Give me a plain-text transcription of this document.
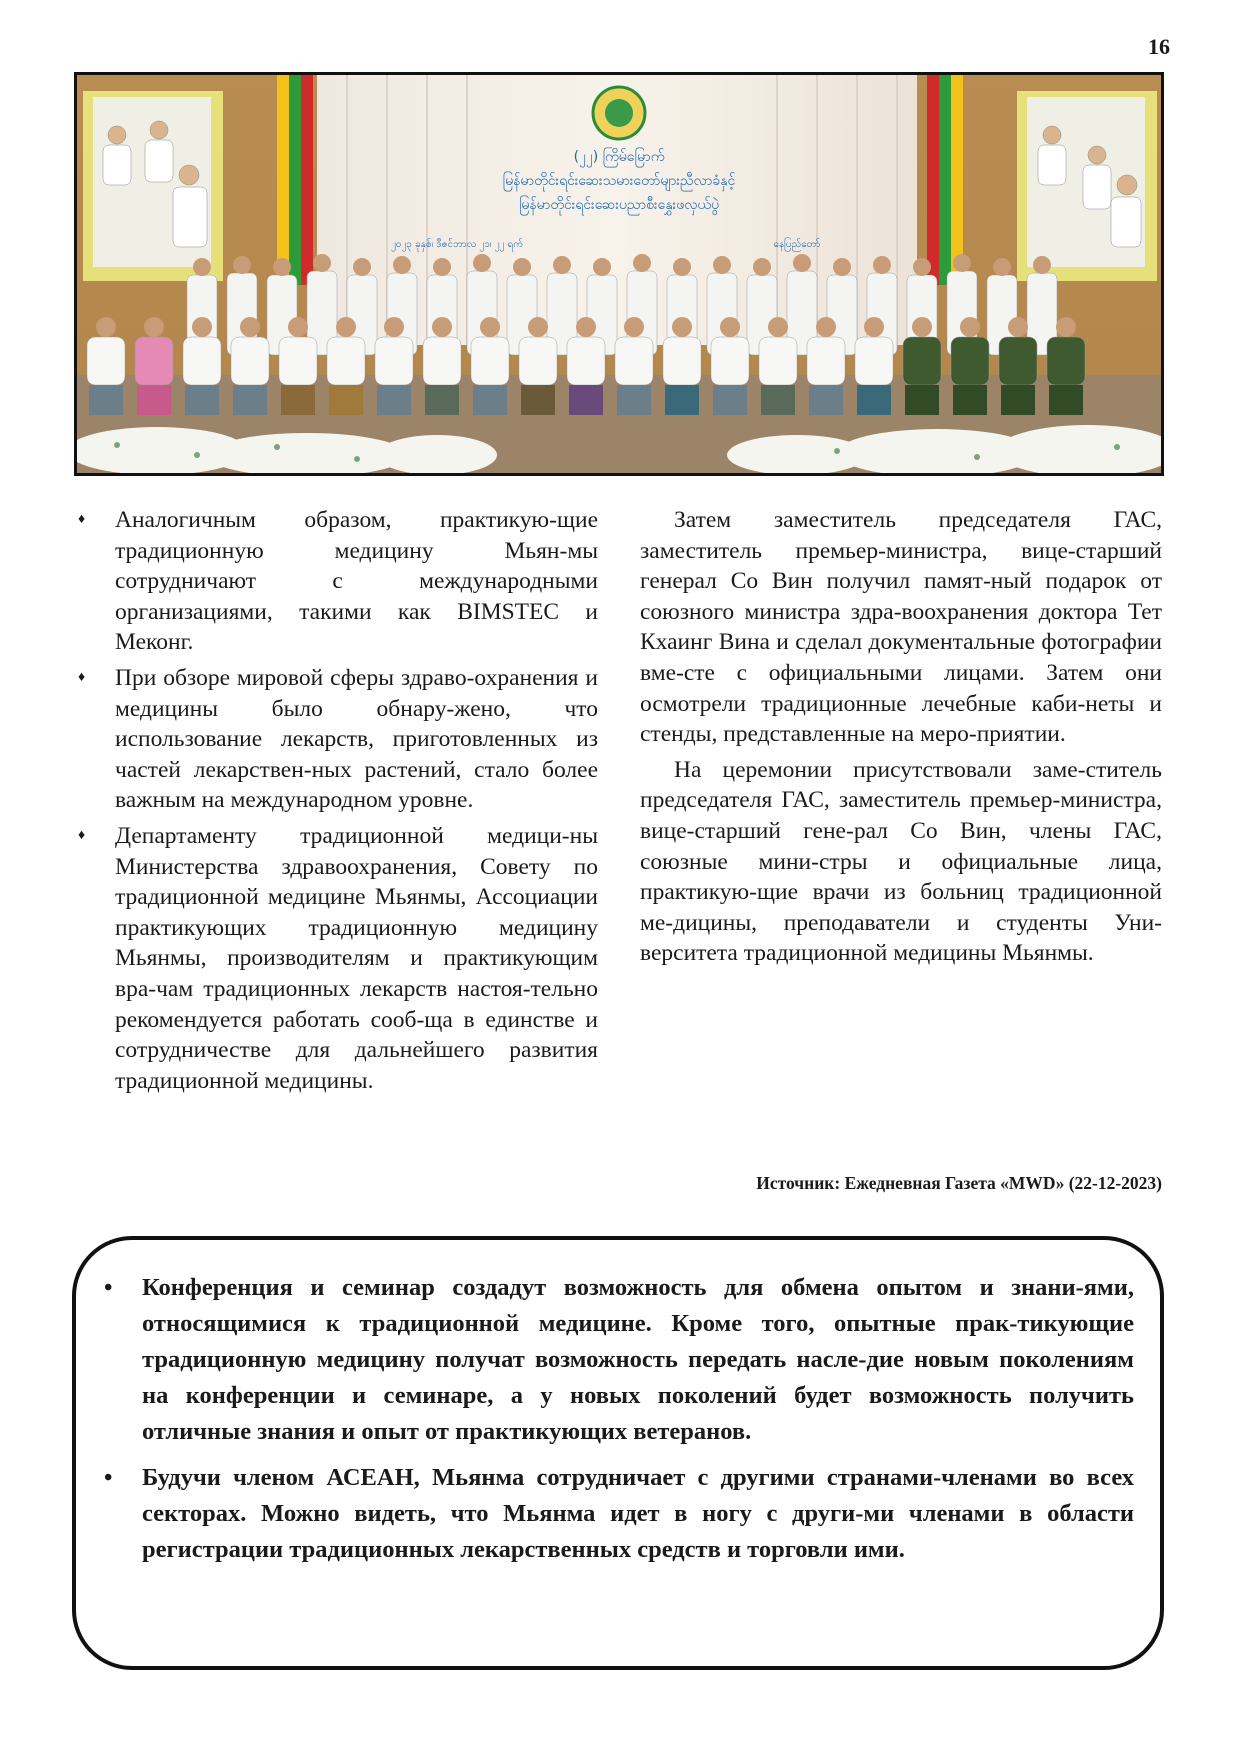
16
(၂၂) ကြိမ်မြောက်
မြန်မာတိုင်းရင်းဆေးသမားတော်များညီလာခံနှင့်
မြန်မာတိုင်းရင်းဆေးပညာစီးနွှေးဖလှယ်ပွဲ
၂၀၂၃ ခုနှစ်၊ ဒီဇင်ဘာလ ၂၁၊ ၂၂ ရက်	နေပြည်တော်
♦ Аналогичным образом, практикую-щие традиционную медицину Мьян-мы сотрудничают с международными организациями, такими как BIMSTEC и Меконг.
♦ При обзоре мировой сферы здраво-охранения и медицины было обнару-жено, что использование лекарств, приготовленных из частей лекарствен-ных растений, стало более важным на международном уровне.
♦ Департаменту традиционной медици-ны Министерства здравоохранения, Совету по традиционной медицине Мьянмы, Ассоциации практикующих традиционную медицину Мьянмы, производителям и практикующим вра-чам традиционных лекарств настоя-тельно рекомендуется работать сооб-ща в единстве и сотрудничестве для дальнейшего развития традиционной медицины.

Затем заместитель председателя ГАС, заместитель премьер-министра, вице-старший генерал Со Вин получил памят-ный подарок от союзного министра здра-воохранения доктора Тет Кхаинг Вина и сделал документальные фотографии вме-сте с официальными лицами. Затем они осмотрели традиционные лечебные каби-неты и стенды, представленные на меро-приятии.

На церемонии присутствовали заме-ститель председателя ГАС, заместитель премьер-министра, вице-старший гене-рал Со Вин, члены ГАС, союзные мини-стры и официальные лица, практикую-щие врачи из больниц традиционной ме-дицины, преподаватели и студенты Уни-верситета традиционной медицины Мьянмы.

Источник: Ежедневная Газета «MWD» (22-12-2023)
• Конференция и семинар создадут возможность для обмена опытом и знани-ями, относящимися к традиционной медицине. Кроме того, опытные прак-тикующие традиционную медицину получат возможность передать насле-дие новым поколениям на конференции и семинаре, а у новых поколений будет возможность получить отличные знания и опыт от практикующих ветеранов.
• Будучи членом АСЕАН, Мьянма сотрудничает с другими странами-членами во всех секторах. Можно видеть, что Мьянма идет в ногу с други-ми членами в области регистрации традиционных лекарственных средств и торговли ими.
